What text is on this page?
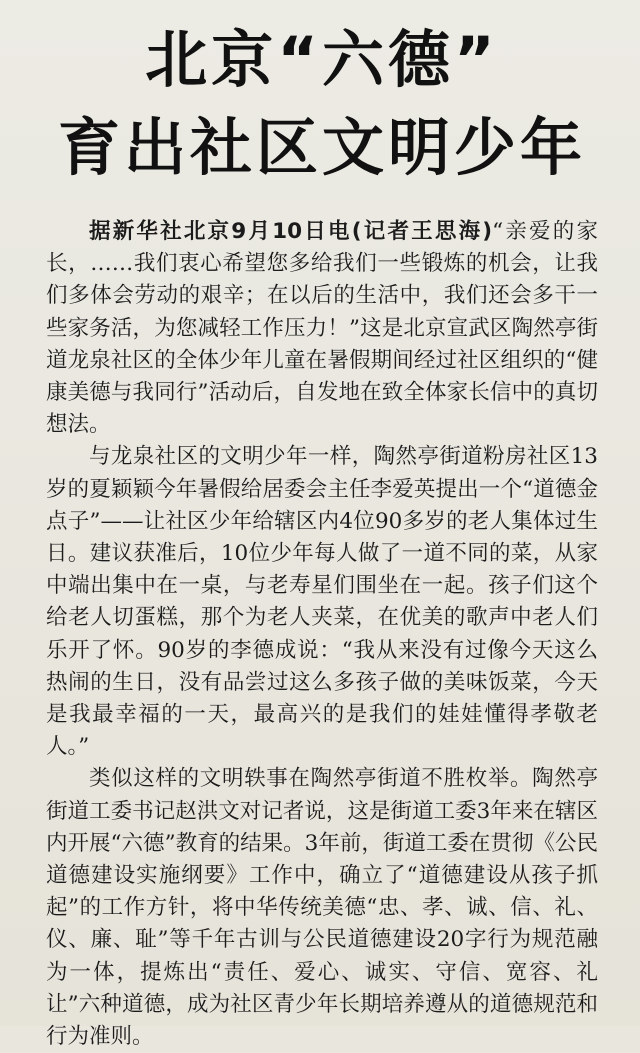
北京“六德”
育出社区文明少年

据新华社北京9月10日电(记者王思海)“亲爱的家长，……我们衷心希望您多给我们一些锻炼的机会，让我们多体会劳动的艰辛；在以后的生活中，我们还会多干一些家务活，为您减轻工作压力！”这是北京宣武区陶然亭街道龙泉社区的全体少年儿童在暑假期间经过社区组织的“健康美德与我同行”活动后，自发地在致全体家长信中的真切想法。

与龙泉社区的文明少年一样，陶然亭街道粉房社区13岁的夏颖颖今年暑假给居委会主任李爱英提出一个“道德金点子”——让社区少年给辖区内4位90多岁的老人集体过生日。建议获准后，10位少年每人做了一道不同的菜，从家中端出集中在一桌，与老寿星们围坐在一起。孩子们这个给老人切蛋糕，那个为老人夹菜，在优美的歌声中老人们乐开了怀。90岁的李德成说：“我从来没有过像今天这么热闹的生日，没有品尝过这么多孩子做的美味饭菜，今天是我最幸福的一天，最高兴的是我们的娃娃懂得孝敬老人。”

类似这样的文明轶事在陶然亭街道不胜枚举。陶然亭街道工委书记赵洪文对记者说，这是街道工委3年来在辖区内开展“六德”教育的结果。3年前，街道工委在贯彻《公民道德建设实施纲要》工作中，确立了“道德建设从孩子抓起”的工作方针，将中华传统美德“忠、孝、诚、信、礼、仪、廉、耻”等千年古训与公民道德建设20字行为规范融为一体，提炼出“责任、爱心、诚实、守信、宽容、礼让”六种道德，成为社区青少年长期培养遵从的道德规范和行为准则。
